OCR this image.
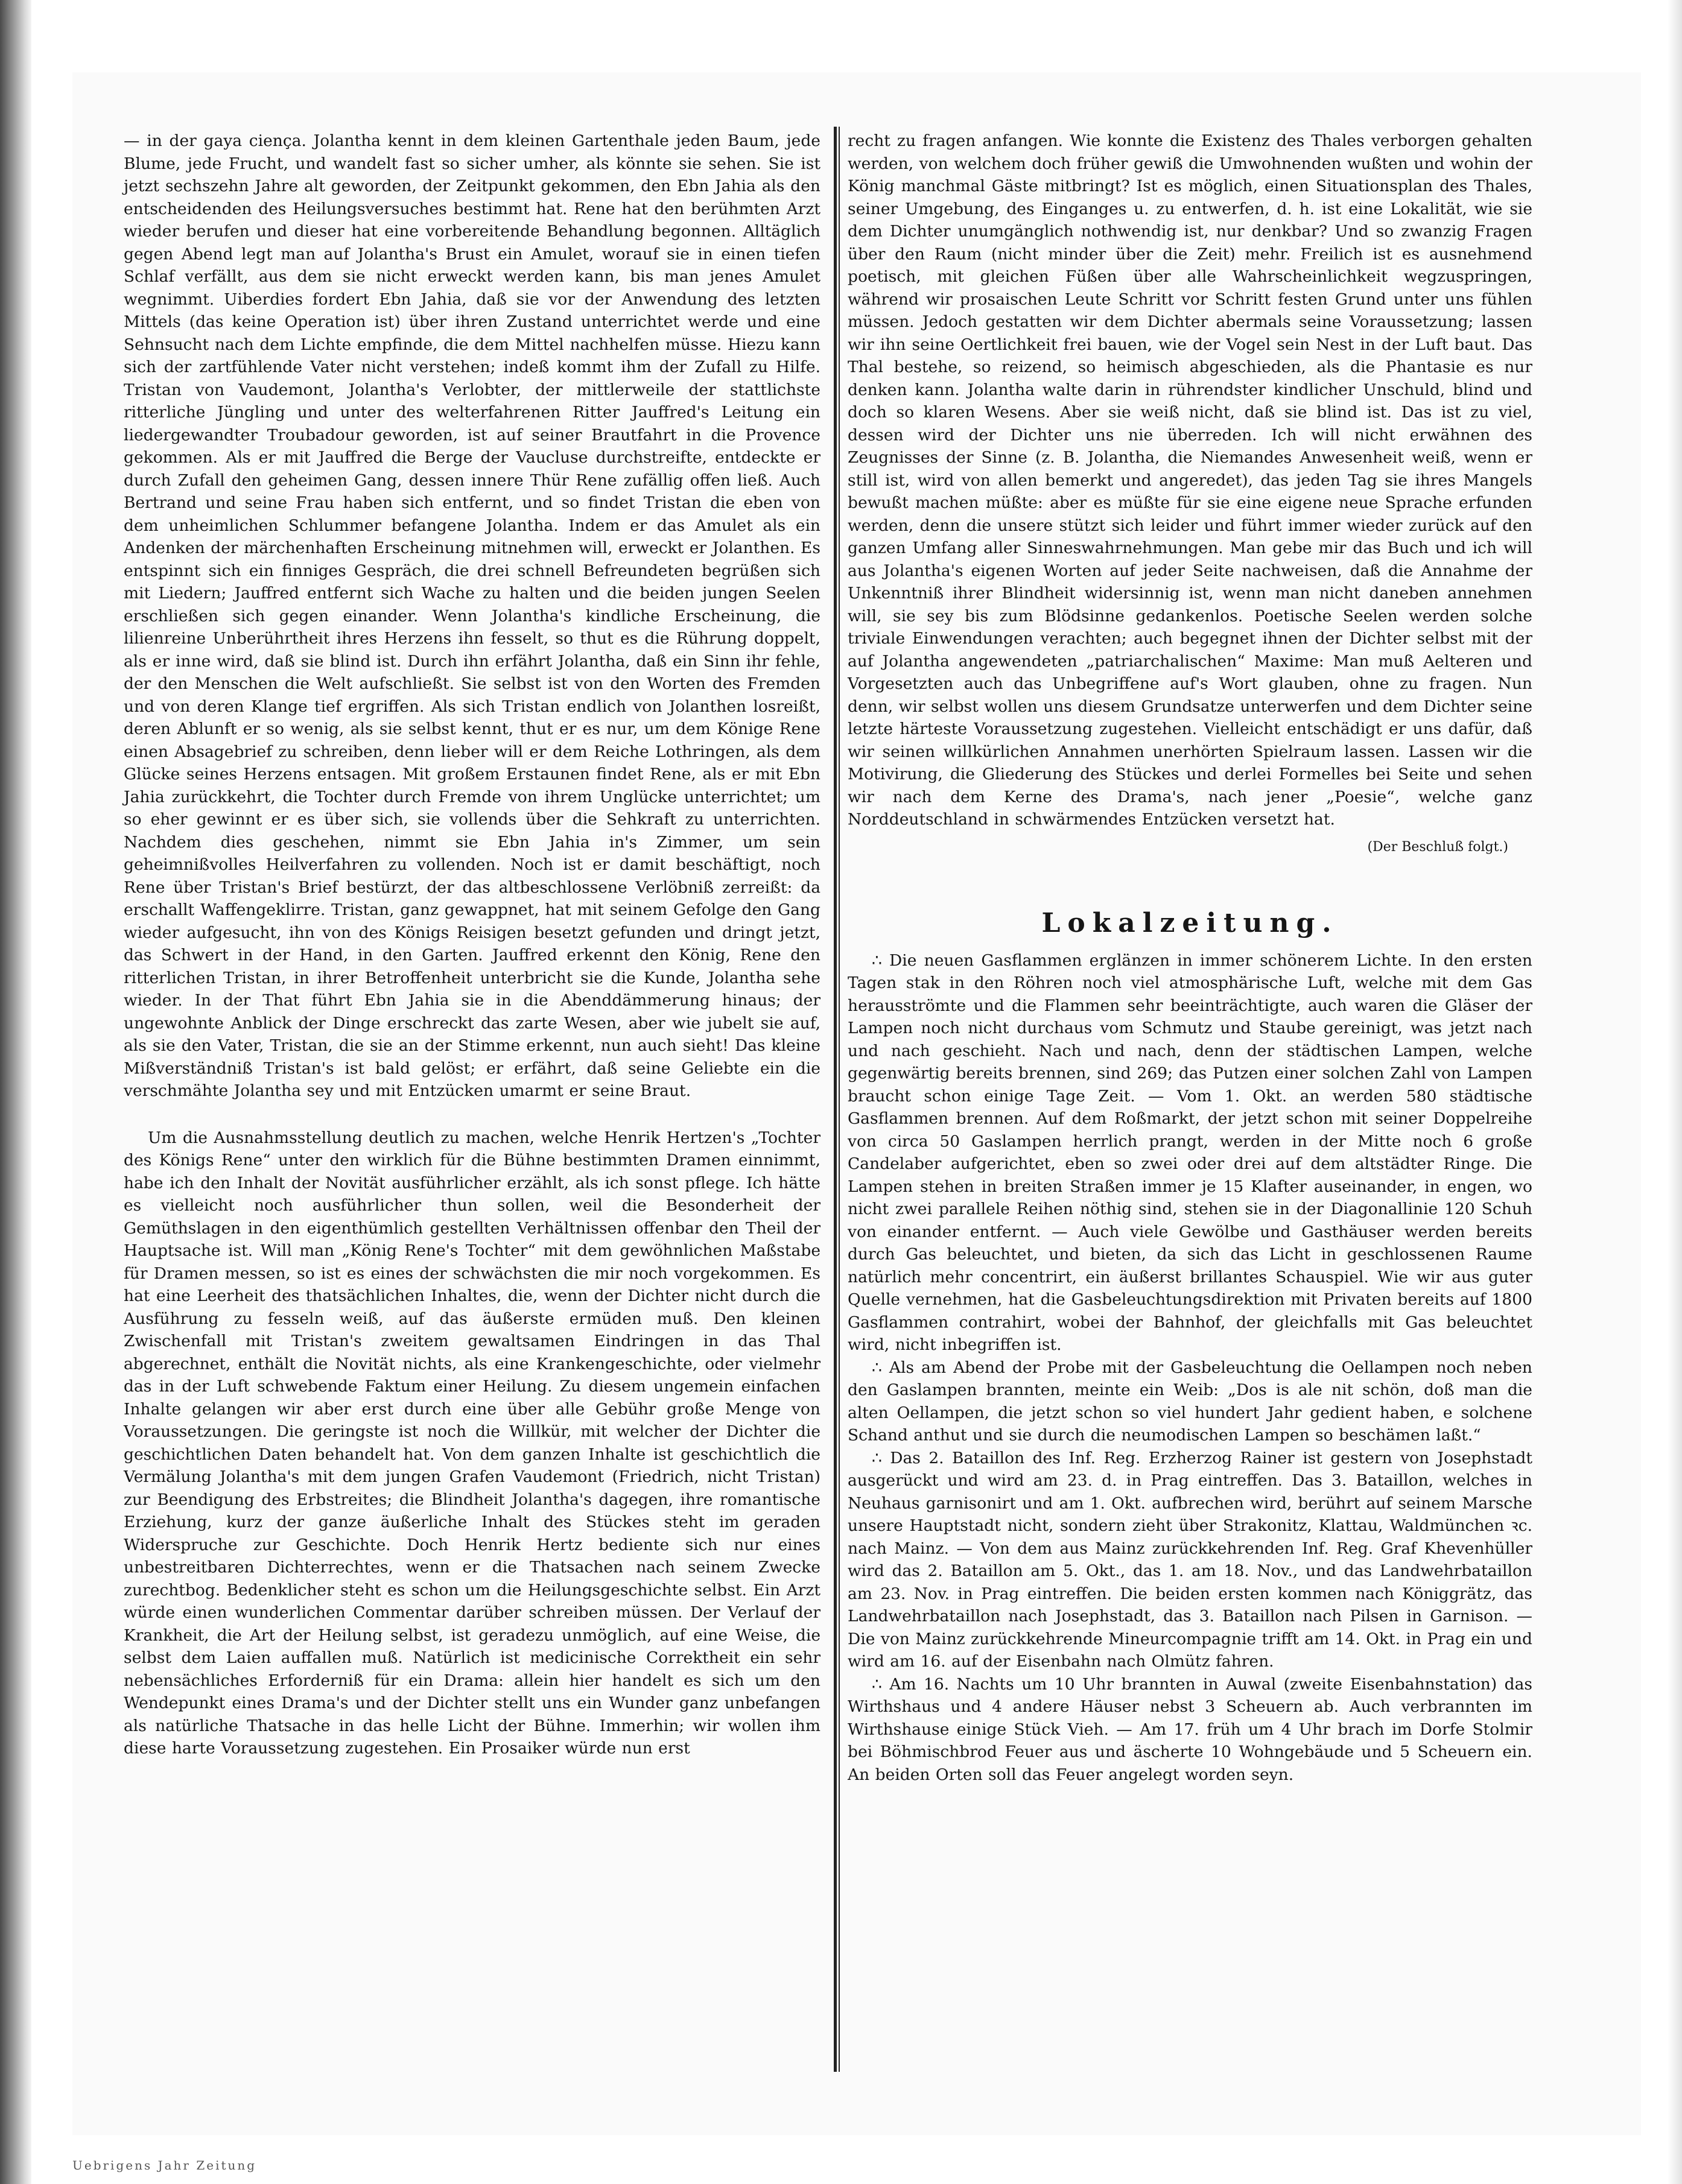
— in der gaya ciença. Jolantha kennt in dem kleinen Gartenthale jeden Baum, jede Blume, jede Frucht, und wandelt fast so sicher umher, als könnte sie sehen. Sie ist jetzt sechszehn Jahre alt geworden, der Zeitpunkt gekommen, den Ebn Jahia als den entscheidenden des Heilungsversuches bestimmt hat. Rene hat den berühmten Arzt wieder berufen und dieser hat eine vorbereitende Behandlung begonnen. Alltäglich gegen Abend legt man auf Jolantha's Brust ein Amulet, worauf sie in einen tiefen Schlaf verfällt, aus dem sie nicht erweckt werden kann, bis man jenes Amulet wegnimmt. Uiberdies fordert Ebn Jahia, daß sie vor der Anwendung des letzten Mittels (das keine Operation ist) über ihren Zustand unterrichtet werde und eine Sehnsucht nach dem Lichte empfinde, die dem Mittel nachhelfen müsse. Hiezu kann sich der zartfühlende Vater nicht verstehen; indeß kommt ihm der Zufall zu Hilfe. Tristan von Vaudemont, Jolantha's Verlobter, der mittlerweile der stattlichste ritterliche Jüngling und unter des welterfahrenen Ritter Jauffred's Leitung ein liedergewandter Troubadour geworden, ist auf seiner Brautfahrt in die Provence gekommen. Als er mit Jauffred die Berge der Vaucluse durchstreifte, entdeckte er durch Zufall den geheimen Gang, dessen innere Thür Rene zufällig offen ließ. Auch Bertrand und seine Frau haben sich entfernt, und so findet Tristan die eben von dem unheimlichen Schlummer befangene Jolantha. Indem er das Amulet als ein Andenken der märchenhaften Erscheinung mitnehmen will, erweckt er Jolanthen. Es entspinnt sich ein finniges Gespräch, die drei schnell Befreundeten begrüßen sich mit Liedern; Jauffred entfernt sich Wache zu halten und die beiden jungen Seelen erschließen sich gegen einander. Wenn Jolantha's kindliche Erscheinung, die lilienreine Unberührtheit ihres Herzens ihn fesselt, so thut es die Rührung doppelt, als er inne wird, daß sie blind ist. Durch ihn erfährt Jolantha, daß ein Sinn ihr fehle, der den Menschen die Welt aufschließt. Sie selbst ist von den Worten des Fremden und von deren Klange tief ergriffen. Als sich Tristan endlich von Jolanthen losreißt, deren Ablunft er so wenig, als sie selbst kennt, thut er es nur, um dem Könige Rene einen Absagebrief zu schreiben, denn lieber will er dem Reiche Lothringen, als dem Glücke seines Herzens entsagen. Mit großem Erstaunen findet Rene, als er mit Ebn Jahia zurückkehrt, die Tochter durch Fremde von ihrem Unglücke unterrichtet; um so eher gewinnt er es über sich, sie vollends über die Sehkraft zu unterrichten. Nachdem dies geschehen, nimmt sie Ebn Jahia in's Zimmer, um sein geheimnißvolles Heilverfahren zu vollenden. Noch ist er damit beschäftigt, noch Rene über Tristan's Brief bestürzt, der das altbeschlossene Verlöbniß zerreißt: da erschallt Waffengeklirre. Tristan, ganz gewappnet, hat mit seinem Gefolge den Gang wieder aufgesucht, ihn von des Königs Reisigen besetzt gefunden und dringt jetzt, das Schwert in der Hand, in den Garten. Jauffred erkennt den König, Rene den ritterlichen Tristan, in ihrer Betroffenheit unterbricht sie die Kunde, Jolantha sehe wieder. In der That führt Ebn Jahia sie in die Abenddämmerung hinaus; der ungewohnte Anblick der Dinge erschreckt das zarte Wesen, aber wie jubelt sie auf, als sie den Vater, Tristan, die sie an der Stimme erkennt, nun auch sieht! Das kleine Mißverständniß Tristan's ist bald gelöst; er erfährt, daß seine Geliebte ein die verschmähte Jolantha sey und mit Entzücken umarmt er seine Braut.

Um die Ausnahmsstellung deutlich zu machen, welche Henrik Hertzen's „Tochter des Königs Rene“ unter den wirklich für die Bühne bestimmten Dramen einnimmt, habe ich den Inhalt der Novität ausführlicher erzählt, als ich sonst pflege. Ich hätte es vielleicht noch ausführlicher thun sollen, weil die Besonderheit der Gemüthslagen in den eigenthümlich gestellten Verhältnissen offenbar den Theil der Hauptsache ist. Will man „König Rene's Tochter“ mit dem gewöhnlichen Maßstabe für Dramen messen, so ist es eines der schwächsten die mir noch vorgekommen. Es hat eine Leerheit des thatsächlichen Inhaltes, die, wenn der Dichter nicht durch die Ausführung zu fesseln weiß, auf das äußerste ermüden muß. Den kleinen Zwischenfall mit Tristan's zweitem gewaltsamen Eindringen in das Thal abgerechnet, enthält die Novität nichts, als eine Krankengeschichte, oder vielmehr das in der Luft schwebende Faktum einer Heilung. Zu diesem ungemein einfachen Inhalte gelangen wir aber erst durch eine über alle Gebühr große Menge von Voraussetzungen. Die geringste ist noch die Willkür, mit welcher der Dichter die geschichtlichen Daten behandelt hat. Von dem ganzen Inhalte ist geschichtlich die Vermälung Jolantha's mit dem jungen Grafen Vaudemont (Friedrich, nicht Tristan) zur Beendigung des Erbstreites; die Blindheit Jolantha's dagegen, ihre romantische Erziehung, kurz der ganze äußerliche Inhalt des Stückes steht im geraden Widerspruche zur Geschichte. Doch Henrik Hertz bediente sich nur eines unbestreitbaren Dichterrechtes, wenn er die Thatsachen nach seinem Zwecke zurechtbog. Bedenklicher steht es schon um die Heilungsgeschichte selbst. Ein Arzt würde einen wunderlichen Commentar darüber schreiben müssen. Der Verlauf der Krankheit, die Art der Heilung selbst, ist geradezu unmöglich, auf eine Weise, die selbst dem Laien auffallen muß. Natürlich ist medicinische Correktheit ein sehr nebensächliches Erforderniß für ein Drama: allein hier handelt es sich um den Wendepunkt eines Drama's und der Dichter stellt uns ein Wunder ganz unbefangen als natürliche Thatsache in das helle Licht der Bühne. Immerhin; wir wollen ihm diese harte Voraussetzung zugestehen. Ein Prosaiker würde nun erst

recht zu fragen anfangen. Wie konnte die Existenz des Thales verborgen gehalten werden, von welchem doch früher gewiß die Umwohnenden wußten und wohin der König manchmal Gäste mitbringt? Ist es möglich, einen Situationsplan des Thales, seiner Umgebung, des Einganges u. zu entwerfen, d. h. ist eine Lokalität, wie sie dem Dichter unumgänglich nothwendig ist, nur denkbar? Und so zwanzig Fragen über den Raum (nicht minder über die Zeit) mehr. Freilich ist es ausnehmend poetisch, mit gleichen Füßen über alle Wahrscheinlichkeit wegzuspringen, während wir prosaischen Leute Schritt vor Schritt festen Grund unter uns fühlen müssen. Jedoch gestatten wir dem Dichter abermals seine Voraussetzung; lassen wir ihn seine Oertlichkeit frei bauen, wie der Vogel sein Nest in der Luft baut. Das Thal bestehe, so reizend, so heimisch abgeschieden, als die Phantasie es nur denken kann. Jolantha walte darin in rührendster kindlicher Unschuld, blind und doch so klaren Wesens. Aber sie weiß nicht, daß sie blind ist. Das ist zu viel, dessen wird der Dichter uns nie überreden. Ich will nicht erwähnen des Zeugnisses der Sinne (z. B. Jolantha, die Niemandes Anwesenheit weiß, wenn er still ist, wird von allen bemerkt und angeredet), das jeden Tag sie ihres Mangels bewußt machen müßte: aber es müßte für sie eine eigene neue Sprache erfunden werden, denn die unsere stützt sich leider und führt immer wieder zurück auf den ganzen Umfang aller Sinneswahrnehmungen. Man gebe mir das Buch und ich will aus Jolantha's eigenen Worten auf jeder Seite nachweisen, daß die Annahme der Unkenntniß ihrer Blindheit widersinnig ist, wenn man nicht daneben annehmen will, sie sey bis zum Blödsinne gedankenlos. Poetische Seelen werden solche triviale Einwendungen verachten; auch begegnet ihnen der Dichter selbst mit der auf Jolantha angewendeten „patriarchalischen“ Maxime: Man muß Aelteren und Vorgesetzten auch das Unbegriffene auf's Wort glauben, ohne zu fragen. Nun denn, wir selbst wollen uns diesem Grundsatze unterwerfen und dem Dichter seine letzte härteste Voraussetzung zugestehen. Vielleicht entschädigt er uns dafür, daß wir seinen willkürlichen Annahmen unerhörten Spielraum lassen. Lassen wir die Motivirung, die Gliederung des Stückes und derlei Formelles bei Seite und sehen wir nach dem Kerne des Drama's, nach jener „Poesie“, welche ganz Norddeutschland in schwärmendes Entzücken versetzt hat.

(Der Beschluß folgt.)
Lokalzeitung.

∴ Die neuen Gasflammen erglänzen in immer schönerem Lichte. In den ersten Tagen stak in den Röhren noch viel atmosphärische Luft, welche mit dem Gas herausströmte und die Flammen sehr beeinträchtigte, auch waren die Gläser der Lampen noch nicht durchaus vom Schmutz und Staube gereinigt, was jetzt nach und nach geschieht. Nach und nach, denn der städtischen Lampen, welche gegenwärtig bereits brennen, sind 269; das Putzen einer solchen Zahl von Lampen braucht schon einige Tage Zeit. — Vom 1. Okt. an werden 580 städtische Gasflammen brennen. Auf dem Roßmarkt, der jetzt schon mit seiner Doppelreihe von circa 50 Gaslampen herrlich prangt, werden in der Mitte noch 6 große Candelaber aufgerichtet, eben so zwei oder drei auf dem altstädter Ringe. Die Lampen stehen in breiten Straßen immer je 15 Klafter auseinander, in engen, wo nicht zwei parallele Reihen nöthig sind, stehen sie in der Diagonallinie 120 Schuh von einander entfernt. — Auch viele Gewölbe und Gasthäuser werden bereits durch Gas beleuchtet, und bieten, da sich das Licht in geschlossenen Raume natürlich mehr concentrirt, ein äußerst brillantes Schauspiel. Wie wir aus guter Quelle vernehmen, hat die Gasbeleuchtungsdirektion mit Privaten bereits auf 1800 Gasflammen contrahirt, wobei der Bahnhof, der gleichfalls mit Gas beleuchtet wird, nicht inbegriffen ist.

∴ Als am Abend der Probe mit der Gasbeleuchtung die Oellampen noch neben den Gaslampen brannten, meinte ein Weib: „Dos is ale nit schön, doß man die alten Oellampen, die jetzt schon so viel hundert Jahr gedient haben, e solchene Schand anthut und sie durch die neumodischen Lampen so beschämen laßt.“

∴ Das 2. Bataillon des Inf. Reg. Erzherzog Rainer ist gestern von Josephstadt ausgerückt und wird am 23. d. in Prag eintreffen. Das 3. Bataillon, welches in Neuhaus garnisonirt und am 1. Okt. aufbrechen wird, berührt auf seinem Marsche unsere Hauptstadt nicht, sondern zieht über Strakonitz, Klattau, Waldmünchen ꝛc. nach Mainz. — Von dem aus Mainz zurückkehrenden Inf. Reg. Graf Khevenhüller wird das 2. Bataillon am 5. Okt., das 1. am 18. Nov., und das Landwehrbataillon am 23. Nov. in Prag eintreffen. Die beiden ersten kommen nach Königgrätz, das Landwehrbataillon nach Josephstadt, das 3. Bataillon nach Pilsen in Garnison. — Die von Mainz zurückkehrende Mineurcompagnie trifft am 14. Okt. in Prag ein und wird am 16. auf der Eisenbahn nach Olmütz fahren.

∴ Am 16. Nachts um 10 Uhr brannten in Auwal (zweite Eisenbahnstation) das Wirthshaus und 4 andere Häuser nebst 3 Scheuern ab. Auch verbrannten im Wirthshause einige Stück Vieh. — Am 17. früh um 4 Uhr brach im Dorfe Stolmir bei Böhmischbrod Feuer aus und äscherte 10 Wohngebäude und 5 Scheuern ein. An beiden Orten soll das Feuer angelegt worden seyn.

Uebrigens Jahr Zeitung
